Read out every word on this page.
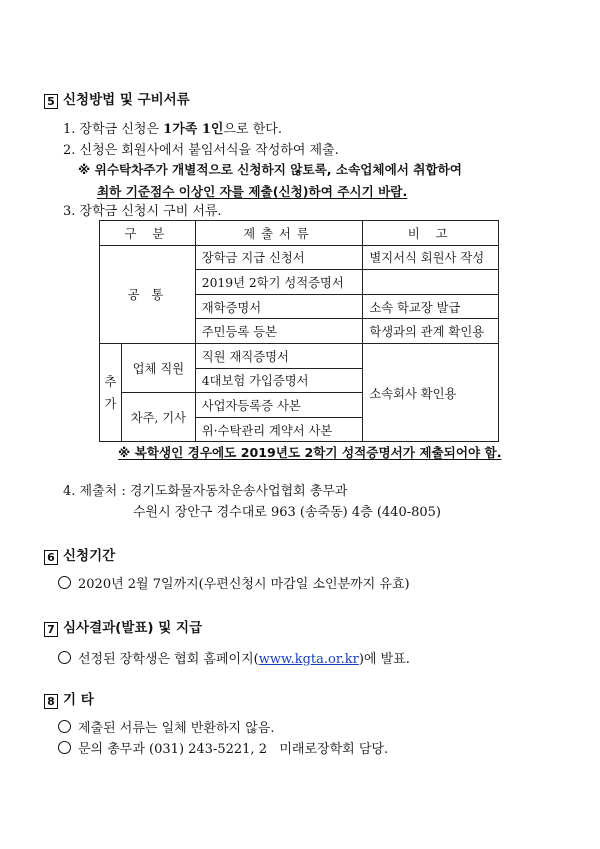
5 신청방법 및 구비서류
1. 장학금 신청은 1가족 1인으로 한다.
2. 신청은 회원사에서 붙임서식을 작성하여 제출.
※ 위수탁차주가 개별적으로 신청하지 않토록, 소속업체에서 취합하여
최하 기준점수 이상인 자를 제출(신청)하여 주시기 바람.
3. 장학금 신청시 구비 서류.
구 분		제출서류	비 고
공 통		장학금 지급 신청서	별지서식 회원사 작성
		2019년 2학기 성적증명서	
		재학증명서	소속 학교장 발급
		주민등록 등본	학생과의 관계 확인용
추
가	업체 직원	직원 재직증명서	소속회사 확인용
		4대보험 가입증명서	
	차주, 기사	사업자등록증 사본	
		위·수탁관리 계약서 사본	
※ 복학생인 경우에도 2019년도 2학기 성적증명서가 제출되어야 함.
4. 제출처 : 경기도화물자동차운송사업협회 총무과
수원시 장안구 경수대로 963 (송죽동) 4층 (440-805)
6 신청기간
2020년 2월 7일까지(우편신청시 마감일 소인분까지 유효)
7 심사결과(발표) 및 지급
선정된 장학생은 협회 홈페이지(www.kgta.or.kr)에 발표.
8 기 타
제출된 서류는 일체 반환하지 않음.
문의 총무과 (031) 243-5221, 2   미래로장학회 담당.
